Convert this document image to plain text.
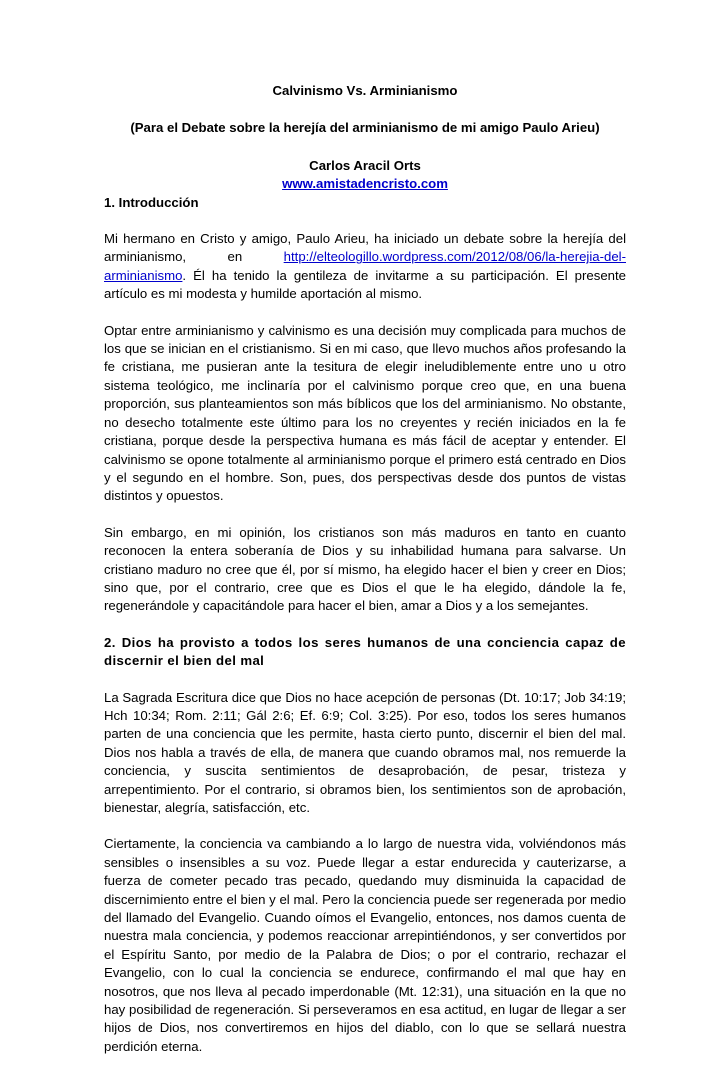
Calvinismo Vs. Arminianismo
(Para el Debate sobre la herejía del arminianismo de mi amigo Paulo Arieu)
Carlos Aracil Orts
www.amistadencristo.com
1. Introducción

Mi hermano en Cristo y amigo, Paulo Arieu, ha iniciado un debate sobre la herejía del arminianismo, en http://elteologillo.wordpress.com/2012/08/06/la-herejia-del-arminianismo. Él ha tenido la gentileza de invitarme a su participación. El presente artículo es mi modesta y humilde aportación al mismo.

Optar entre arminianismo y calvinismo es una decisión muy complicada para muchos de los que se inician en el cristianismo. Si en mi caso, que llevo muchos años profesando la fe cristiana, me pusieran ante la tesitura de elegir ineludiblemente entre uno u otro sistema teológico, me inclinaría por el calvinismo porque creo que, en una buena proporción, sus planteamientos son más bíblicos que los del arminianismo. No obstante, no desecho totalmente este último para los no creyentes y recién iniciados en la fe cristiana, porque desde la perspectiva humana es más fácil de aceptar y entender. El calvinismo se opone totalmente al arminianismo porque el primero está centrado en Dios y el segundo en el hombre. Son, pues, dos perspectivas desde dos puntos de vistas distintos y opuestos.

Sin embargo, en mi opinión, los cristianos son más maduros en tanto en cuanto reconocen la entera soberanía de Dios y su inhabilidad humana para salvarse. Un cristiano maduro no cree que él, por sí mismo, ha elegido hacer el bien y creer en Dios; sino que, por el contrario, cree que es Dios el que le ha elegido, dándole la fe, regenerándole y capacitándole para hacer el bien, amar a Dios y a los semejantes.

2. Dios ha provisto a todos los seres humanos de una conciencia capaz de discernir el bien del mal

La Sagrada Escritura dice que Dios no hace acepción de personas (Dt. 10:17; Job 34:19; Hch 10:34; Rom. 2:11; Gál 2:6; Ef. 6:9; Col. 3:25). Por eso, todos los seres humanos parten de una conciencia que les permite, hasta cierto punto, discernir el bien del mal. Dios nos habla a través de ella, de manera que cuando obramos mal, nos remuerde la conciencia, y suscita sentimientos de desaprobación, de pesar, tristeza y arrepentimiento. Por el contrario, si obramos bien, los sentimientos son de aprobación, bienestar, alegría, satisfacción, etc.

Ciertamente, la conciencia va cambiando a lo largo de nuestra vida, volviéndonos más sensibles o insensibles a su voz. Puede llegar a estar endurecida y cauterizarse, a fuerza de cometer pecado tras pecado, quedando muy disminuida la capacidad de discernimiento entre el bien y el mal. Pero la conciencia puede ser regenerada por medio del llamado del Evangelio. Cuando oímos el Evangelio, entonces, nos damos cuenta de nuestra mala conciencia, y podemos reaccionar arrepintiéndonos, y ser convertidos por el Espíritu Santo, por medio de la Palabra de Dios; o por el contrario, rechazar el Evangelio, con lo cual la conciencia se endurece, confirmando el mal que hay en nosotros, que nos lleva al pecado imperdonable (Mt. 12:31), una situación en la que no hay posibilidad de regeneración. Si perseveramos en esa actitud, en lugar de llegar a ser hijos de Dios, nos convertiremos en hijos del diablo, con lo que se sellará nuestra perdición eterna.
